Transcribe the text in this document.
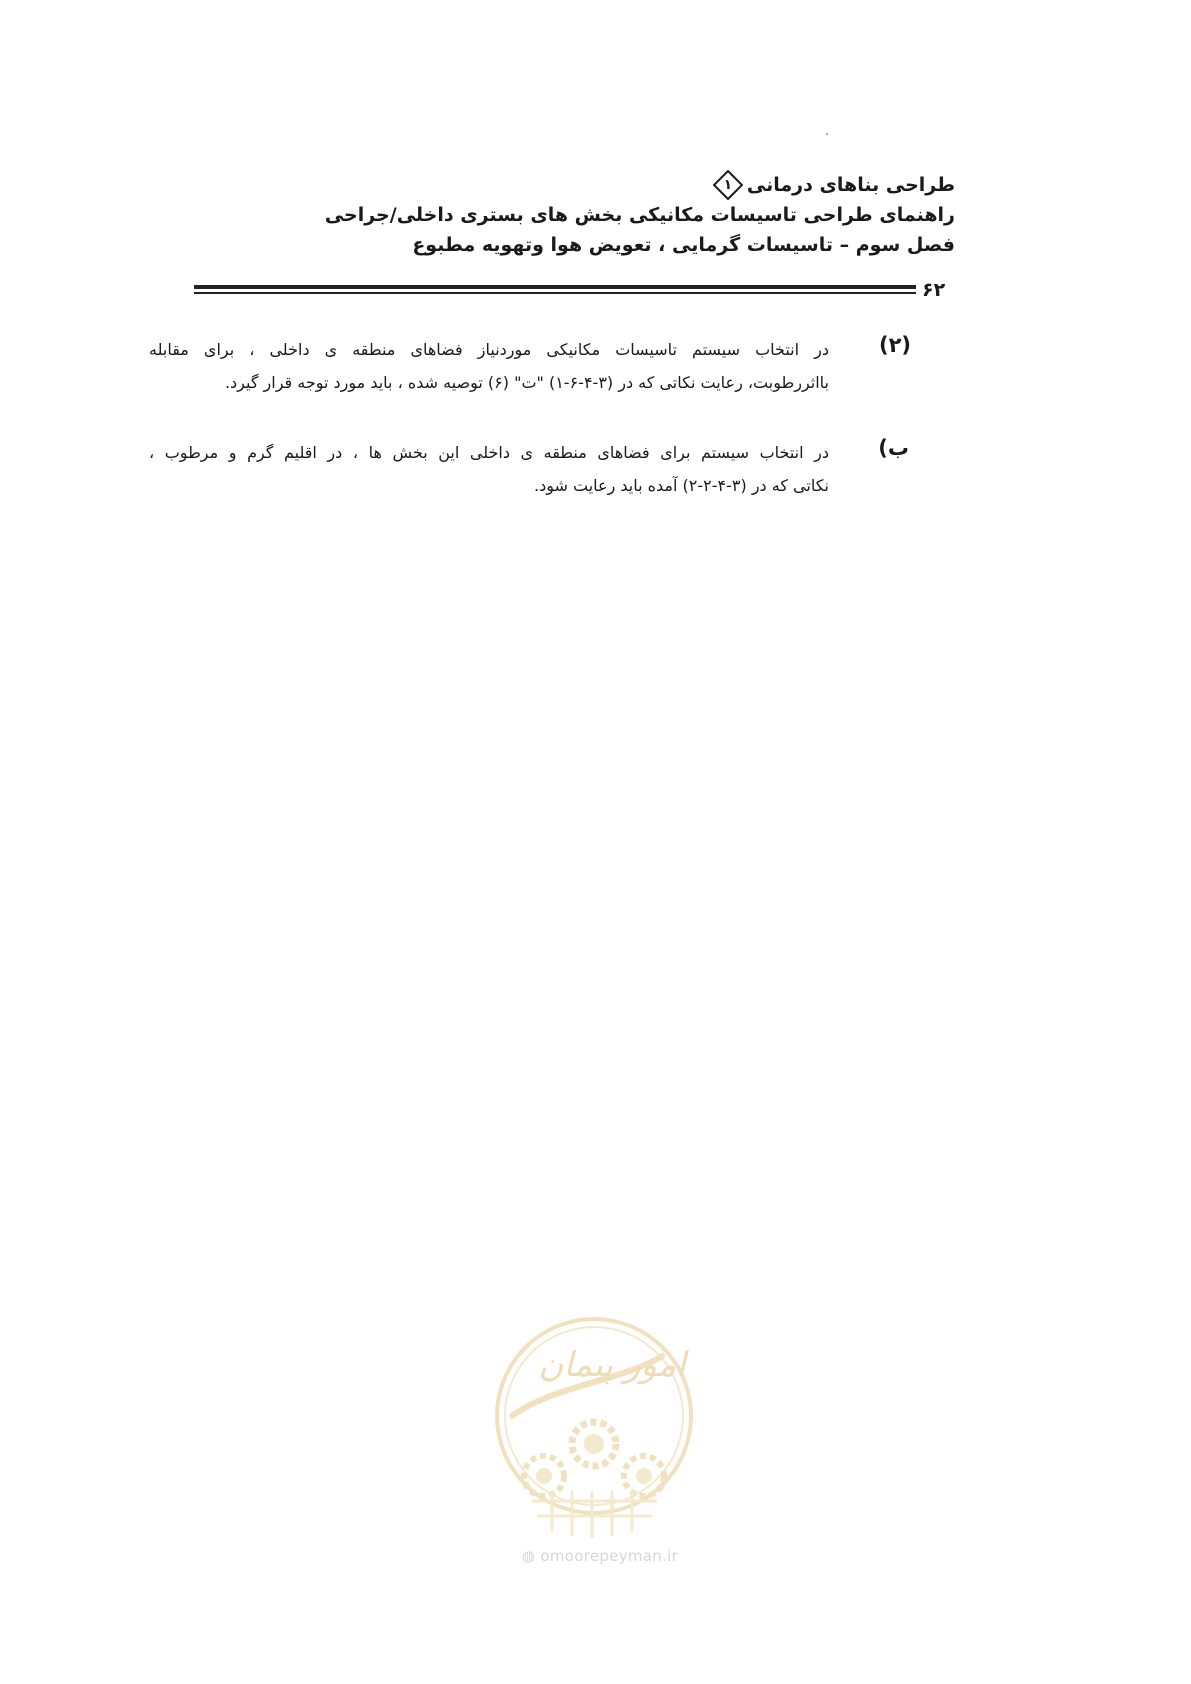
طراحی بناهای درمانی
۱
راهنمای طراحی تاسیسات مکانیکی بخش های بستری داخلی/جراحی
فصل سوم – تاسیسات گرمایی ، تعویض هوا وتهویه مطبوع
۶۲
(۲)
در انتخاب سیستم تاسیسات مکانیکی موردنیاز فضاهای منطقه ی داخلی ، برای مقابله
بااثررطوبت، رعایت نکاتی که در (۳-۴-۶-۱) "ت" (۶) توصیه شده ، باید مورد توجه قرار گیرد.
ب)
در انتخاب سیستم برای فضاهای منطقه ی داخلی این بخش ها ، در اقلیم گرم و مرطوب ،
نکاتی که در (۳-۴-۲-۲) آمده باید رعایت شود.
امور پیمان
◍ omoorepeyman.ir
